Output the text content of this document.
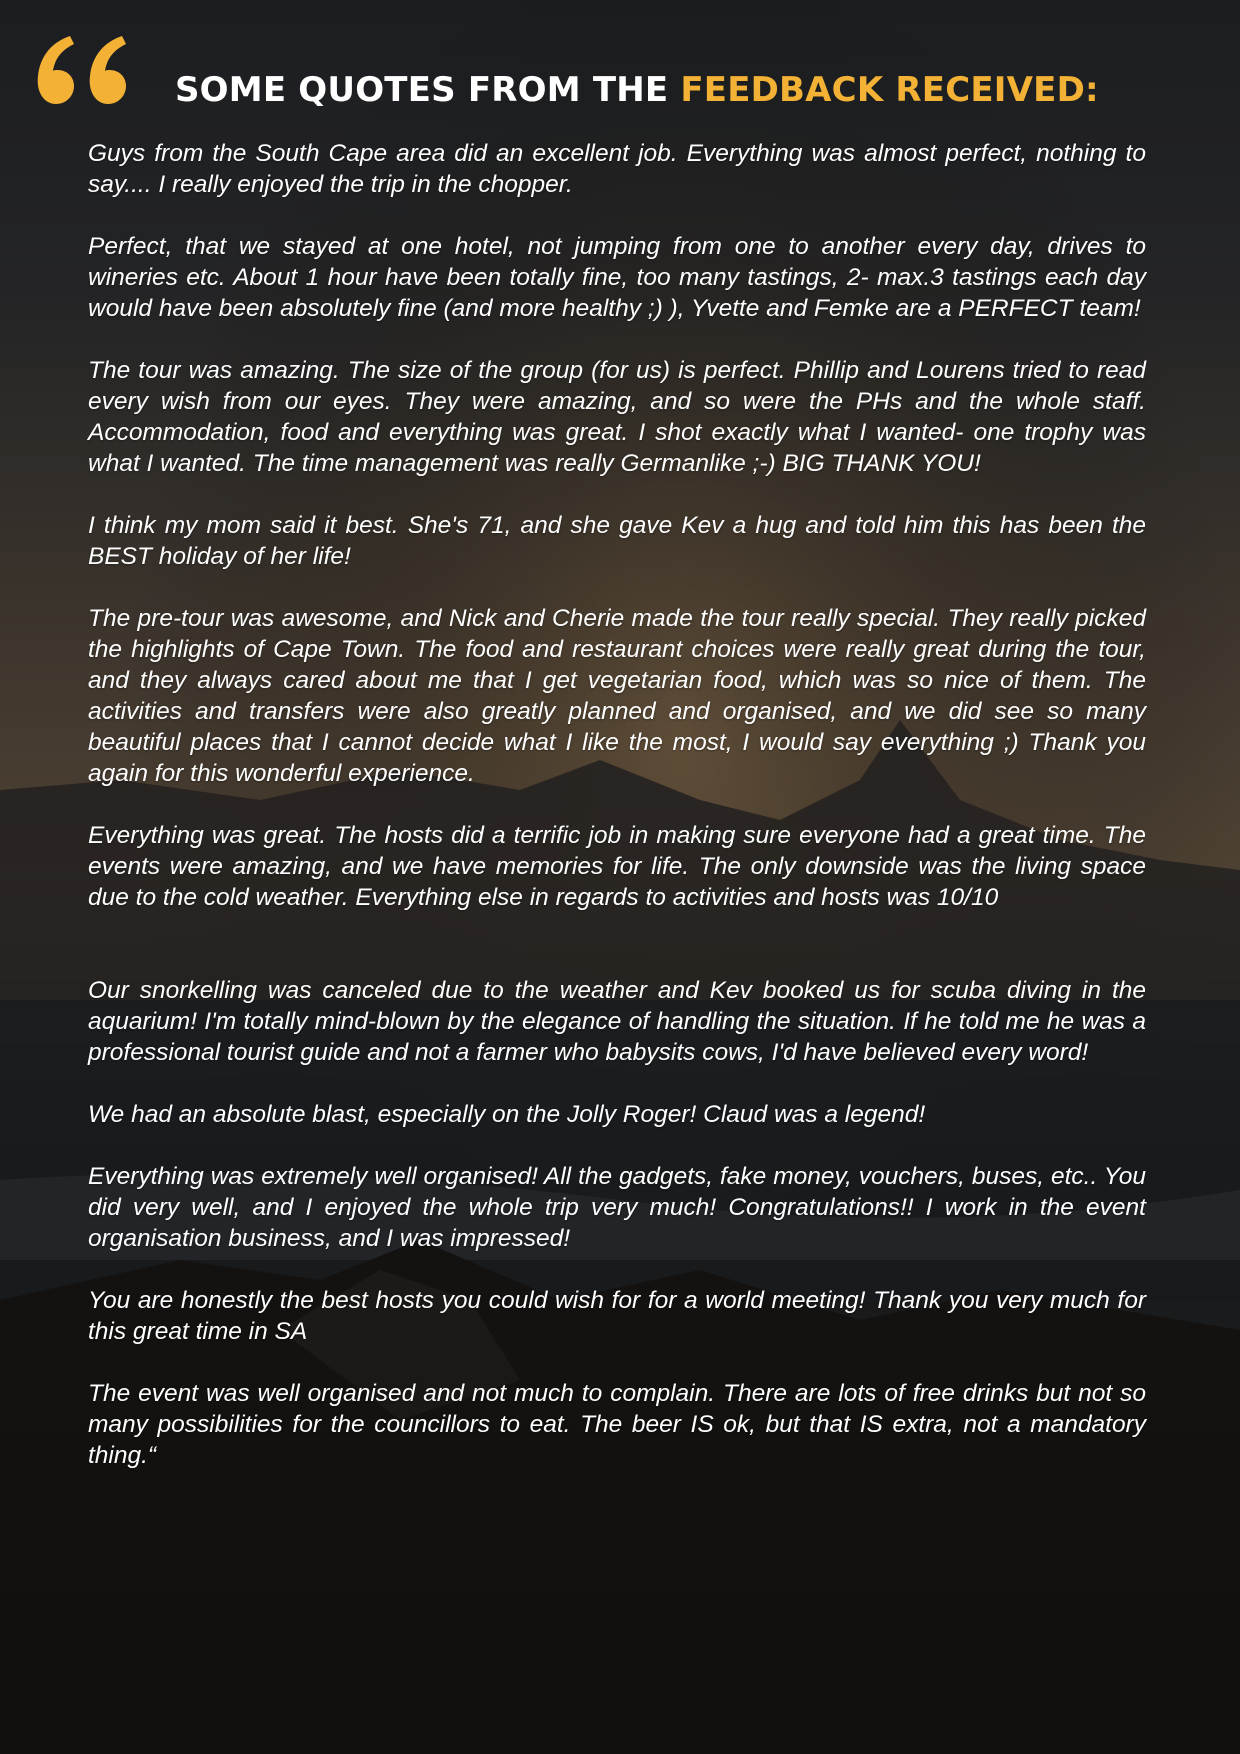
SOME QUOTES FROM THE FEEDBACK RECEIVED:

Guys from the South Cape area did an excellent job. Everything was almost perfect, nothing to say.... I really enjoyed the trip in the chopper.

Perfect, that we stayed at one hotel, not jumping from one to another every day, drives to wineries etc. About 1 hour have been totally fine, too many tastings, 2- max.3 tastings each day would have been absolutely fine (and more healthy ;) ), Yvette and Femke are a PERFECT team!

The tour was amazing. The size of the group (for us) is perfect. Phillip and Lourens tried to read every wish from our eyes. They were amazing, and so were the PHs and the whole staff. Accommodation, food and everything was great. I shot exactly what I wanted- one trophy was what I wanted. The time management was really Germanlike ;-) BIG THANK YOU!

I think my mom said it best. She's 71, and she gave Kev a hug and told him this has been the BEST holiday of her life!

The pre-tour was awesome, and Nick and Cherie made the tour really special. They really picked the highlights of Cape Town. The food and restaurant choices were really great during the tour, and they always cared about me that I get vegetarian food, which was so nice of them. The activities and transfers were also greatly planned and organised, and we did see so many beautiful places that I cannot decide what I like the most, I would say everything ;) Thank you again for this wonderful experience.

Everything was great. The hosts did a terrific job in making sure everyone had a great time. The events were amazing, and we have memories for life. The only downside was the living space due to the cold weather. Everything else in regards to activities and hosts was 10/10

Our snorkelling was canceled due to the weather and Kev booked us for scuba diving in the aquarium! I'm totally mind-blown by the elegance of handling the situation. If he told me he was a professional tourist guide and not a farmer who babysits cows, I'd have believed every word!

We had an absolute blast, especially on the Jolly Roger! Claud was a legend!

Everything was extremely well organised! All the gadgets, fake money, vouchers, buses, etc.. You did very well, and I enjoyed the whole trip very much! Congratulations!! I work in the event organisation business, and I was impressed!

You are honestly the best hosts you could wish for for a world meeting! Thank you very much for this great time in SA

The event was well organised and not much to complain. There are lots of free drinks but not so many possibilities for the councillors to eat. The beer IS ok, but that IS extra, not a mandatory thing.“
